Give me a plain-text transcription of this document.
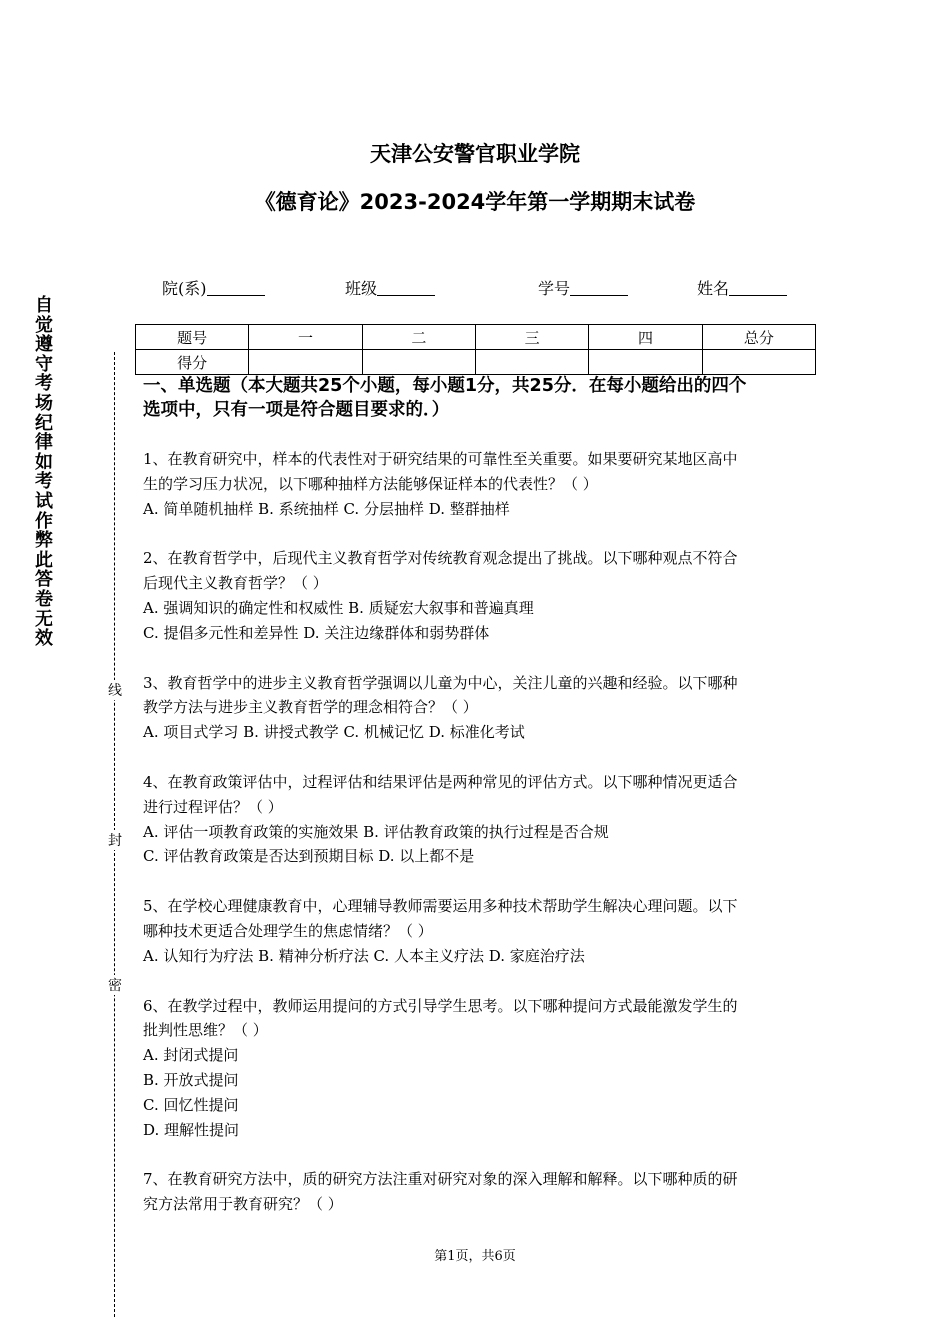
天津公安警官职业学院
《德育论》2023-2024学年第一学期期末试卷
院(系)	班级	学号	姓名
题号	一	二	三	四	总分
得分					
自觉遵守考场纪律如考试作弊此答卷无效
线
封
密
一、单选题（本大题共25个小题，每小题1分，共25分．在每小题给出的四个
选项中，只有一项是符合题目要求的．）
1、在教育研究中，样本的代表性对于研究结果的可靠性至关重要。如果要研究某地区高中
生的学习压力状况，以下哪种抽样方法能够保证样本的代表性？（ ）
A. 简单随机抽样 B. 系统抽样 C. 分层抽样 D. 整群抽样
2、在教育哲学中，后现代主义教育哲学对传统教育观念提出了挑战。以下哪种观点不符合
后现代主义教育哲学？（ ）
A. 强调知识的确定性和权威性 B. 质疑宏大叙事和普遍真理
C. 提倡多元性和差异性 D. 关注边缘群体和弱势群体
3、教育哲学中的进步主义教育哲学强调以儿童为中心，关注儿童的兴趣和经验。以下哪种
教学方法与进步主义教育哲学的理念相符合？（ ）
A. 项目式学习 B. 讲授式教学 C. 机械记忆 D. 标准化考试
4、在教育政策评估中，过程评估和结果评估是两种常见的评估方式。以下哪种情况更适合
进行过程评估？（ ）
A. 评估一项教育政策的实施效果 B. 评估教育政策的执行过程是否合规
C. 评估教育政策是否达到预期目标 D. 以上都不是
5、在学校心理健康教育中，心理辅导教师需要运用多种技术帮助学生解决心理问题。以下
哪种技术更适合处理学生的焦虑情绪？（ ）
A. 认知行为疗法 B. 精神分析疗法 C. 人本主义疗法 D. 家庭治疗法
6、在教学过程中，教师运用提问的方式引导学生思考。以下哪种提问方式最能激发学生的
批判性思维？（ ）
A. 封闭式提问
B. 开放式提问
C. 回忆性提问
D. 理解性提问
7、在教育研究方法中，质的研究方法注重对研究对象的深入理解和解释。以下哪种质的研
究方法常用于教育研究？（ ）
第1页，共6页
